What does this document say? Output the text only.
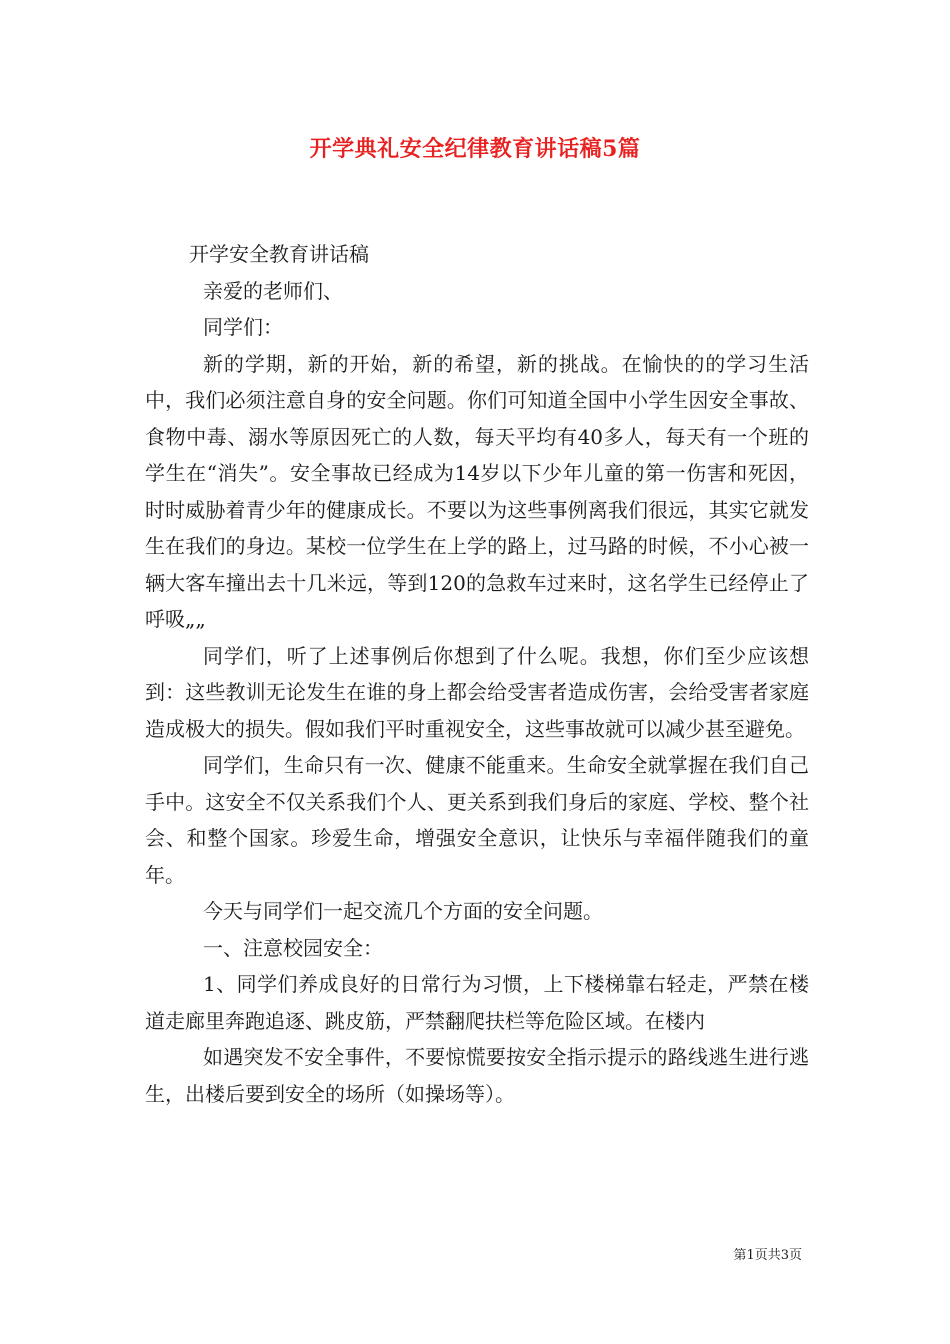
开学典礼安全纪律教育讲话稿5篇

开学安全教育讲话稿

亲爱的老师们、

同学们：

新的学期，新的开始，新的希望，新的挑战。在愉快的的学习生活中，我们必须注意自身的安全问题。你们可知道全国中小学生因安全事故、食物中毒、溺水等原因死亡的人数，每天平均有40多人，每天有一个班的学生在“消失”。安全事故已经成为14岁以下少年儿童的第一伤害和死因，时时威胁着青少年的健康成长。不要以为这些事例离我们很远，其实它就发生在我们的身边。某校一位学生在上学的路上，过马路的时候，不小心被一辆大客车撞出去十几米远，等到120的急救车过来时，这名学生已经停止了呼吸„„

同学们，听了上述事例后你想到了什么呢。我想，你们至少应该想到：这些教训无论发生在谁的身上都会给受害者造成伤害，会给受害者家庭造成极大的损失。假如我们平时重视安全，这些事故就可以减少甚至避免。

同学们，生命只有一次、健康不能重来。生命安全就掌握在我们自己手中。这安全不仅关系我们个人、更关系到我们身后的家庭、学校、整个社会、和整个国家。珍爱生命，增强安全意识，让快乐与幸福伴随我们的童年。

今天与同学们一起交流几个方面的安全问题。

一、注意校园安全：

1、同学们养成良好的日常行为习惯，上下楼梯靠右轻走，严禁在楼道走廊里奔跑追逐、跳皮筋，严禁翻爬扶栏等危险区域。在楼内

如遇突发不安全事件，不要惊慌要按安全指示提示的路线逃生进行逃生，出楼后要到安全的场所（如操场等）。

第1页共3页
